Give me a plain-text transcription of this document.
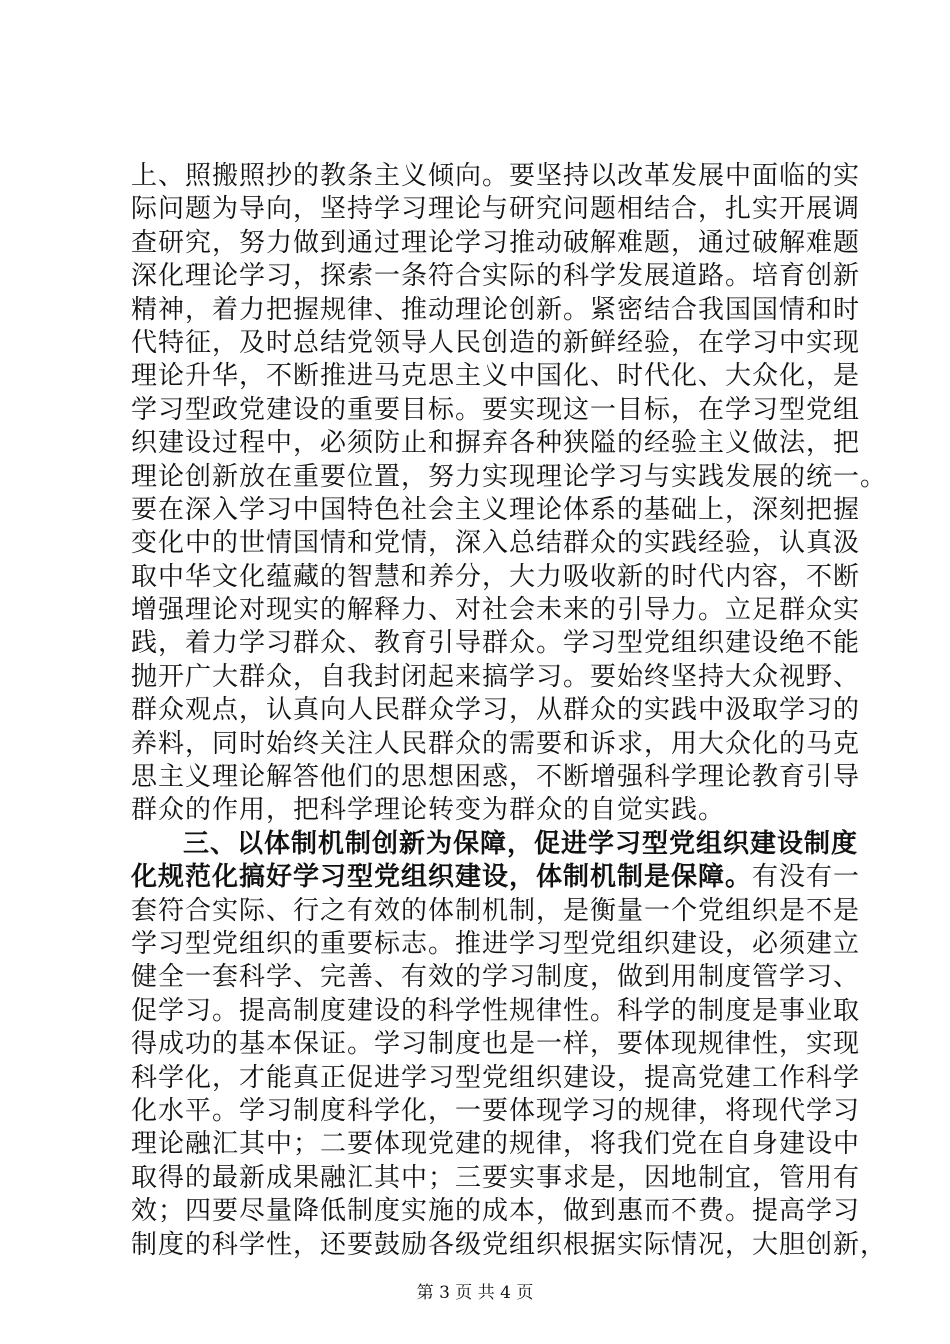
上、照搬照抄的教条主义倾向。要坚持以改革发展中面临的实
际问题为导向，坚持学习理论与研究问题相结合，扎实开展调
查研究，努力做到通过理论学习推动破解难题，通过破解难题
深化理论学习，探索一条符合实际的科学发展道路。培育创新
精神，着力把握规律、推动理论创新。紧密结合我国国情和时
代特征，及时总结党领导人民创造的新鲜经验，在学习中实现
理论升华，不断推进马克思主义中国化、时代化、大众化，是
学习型政党建设的重要目标。要实现这一目标，在学习型党组
织建设过程中，必须防止和摒弃各种狭隘的经验主义做法，把
理论创新放在重要位置，努力实现理论学习与实践发展的统一。
要在深入学习中国特色社会主义理论体系的基础上，深刻把握
变化中的世情国情和党情，深入总结群众的实践经验，认真汲
取中华文化蕴藏的智慧和养分，大力吸收新的时代内容，不断
增强理论对现实的解释力、对社会未来的引导力。立足群众实
践，着力学习群众、教育引导群众。学习型党组织建设绝不能
抛开广大群众，自我封闭起来搞学习。要始终坚持大众视野、
群众观点，认真向人民群众学习，从群众的实践中汲取学习的
养料，同时始终关注人民群众的需要和诉求，用大众化的马克
思主义理论解答他们的思想困惑，不断增强科学理论教育引导
群众的作用，把科学理论转变为群众的自觉实践。
三、以体制机制创新为保障，促进学习型党组织建设制度
化规范化搞好学习型党组织建设，体制机制是保障。有没有一
套符合实际、行之有效的体制机制，是衡量一个党组织是不是
学习型党组织的重要标志。推进学习型党组织建设，必须建立
健全一套科学、完善、有效的学习制度，做到用制度管学习、
促学习。提高制度建设的科学性规律性。科学的制度是事业取
得成功的基本保证。学习制度也是一样，要体现规律性，实现
科学化，才能真正促进学习型党组织建设，提高党建工作科学
化水平。学习制度科学化，一要体现学习的规律，将现代学习
理论融汇其中；二要体现党建的规律，将我们党在自身建设中
取得的最新成果融汇其中；三要实事求是，因地制宜，管用有
效；四要尽量降低制度实施的成本，做到惠而不费。提高学习
制度的科学性，还要鼓励各级党组织根据实际情况，大胆创新，
第 3 页 共 4 页
